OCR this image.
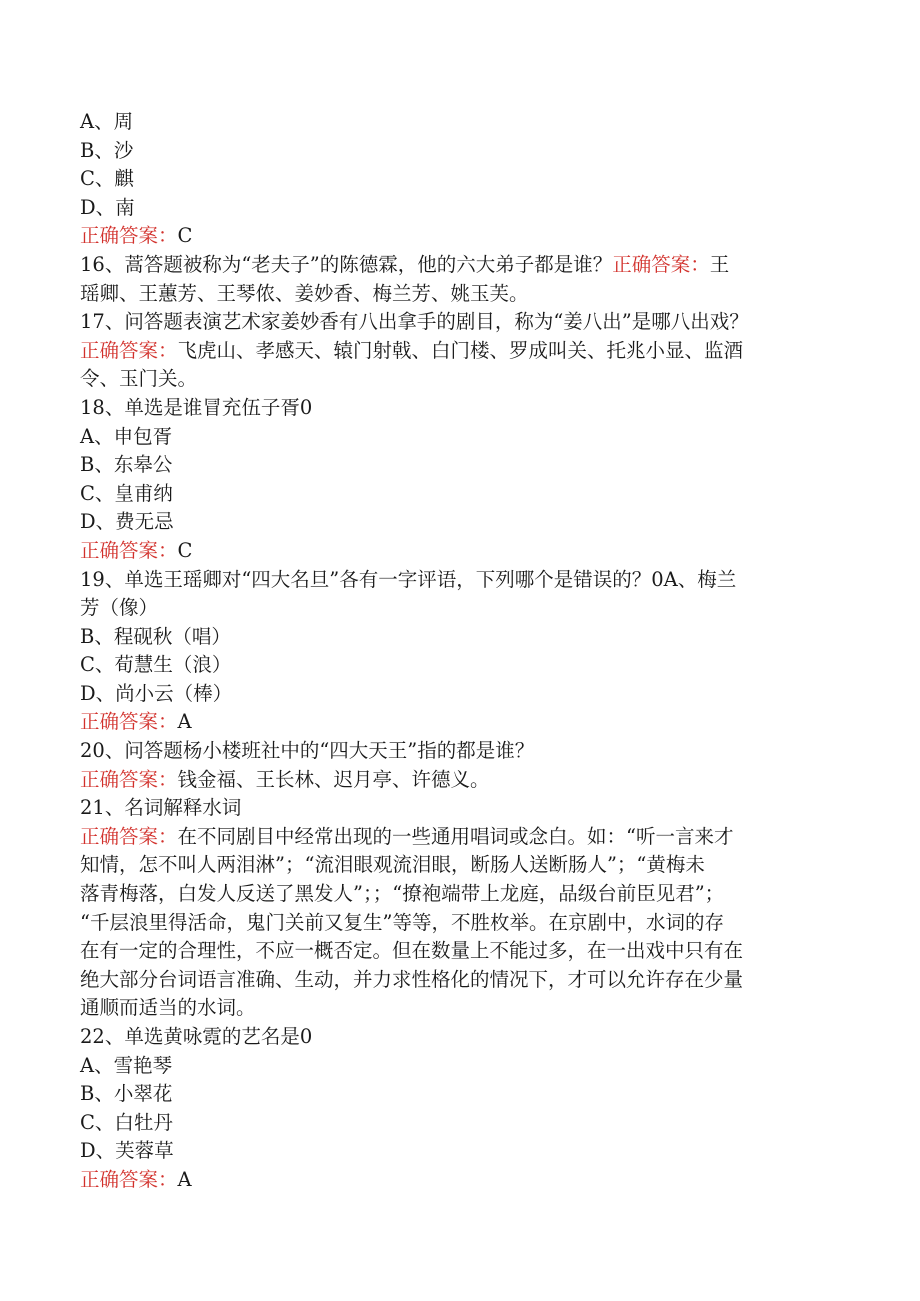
A、周
B、沙
C、麒
D、南
正确答案：C
16、蒿答题被称为“老夫子”的陈德霖，他的六大弟子都是谁？正确答案：王
瑶卿、王蕙芳、王琴侬、姜妙香、梅兰芳、姚玉芙。
17、问答题表演艺术家姜妙香有八出拿手的剧目，称为“姜八出”是哪八出戏？
正确答案：飞虎山、孝感天、辕门射戟、白门楼、罗成叫关、托兆小显、监酒
令、玉门关。
18、单选是谁冒充伍子胥0
A、申包胥
B、东皋公
C、皇甫纳
D、费无忌
正确答案：C
19、单选王瑶卿对“四大名旦”各有一字评语，下列哪个是错误的？0A、梅兰
芳（像）
B、程砚秋（唱）
C、荀慧生（浪）
D、尚小云（棒）
正确答案：A
20、问答题杨小楼班社中的“四大天王”指的都是谁？
正确答案：钱金福、王长林、迟月亭、许德义。
21、名词解释水词
正确答案：在不同剧目中经常出现的一些通用唱词或念白。如：“听一言来才
知情，怎不叫人两泪淋”；“流泪眼观流泪眼，断肠人送断肠人”；“黄梅未
落青梅落，白发人反送了黑发人”；；“撩袍端带上龙庭，品级台前臣见君”；
“千层浪里得活命，鬼门关前又复生”等等，不胜枚举。在京剧中，水词的存
在有一定的合理性，不应一概否定。但在数量上不能过多，在一出戏中只有在
绝大部分台词语言准确、生动，并力求性格化的情况下，才可以允许存在少量
通顺而适当的水词。
22、单选黄咏霓的艺名是0
A、雪艳琴
B、小翠花
C、白牡丹
D、芙蓉草
正确答案：A
